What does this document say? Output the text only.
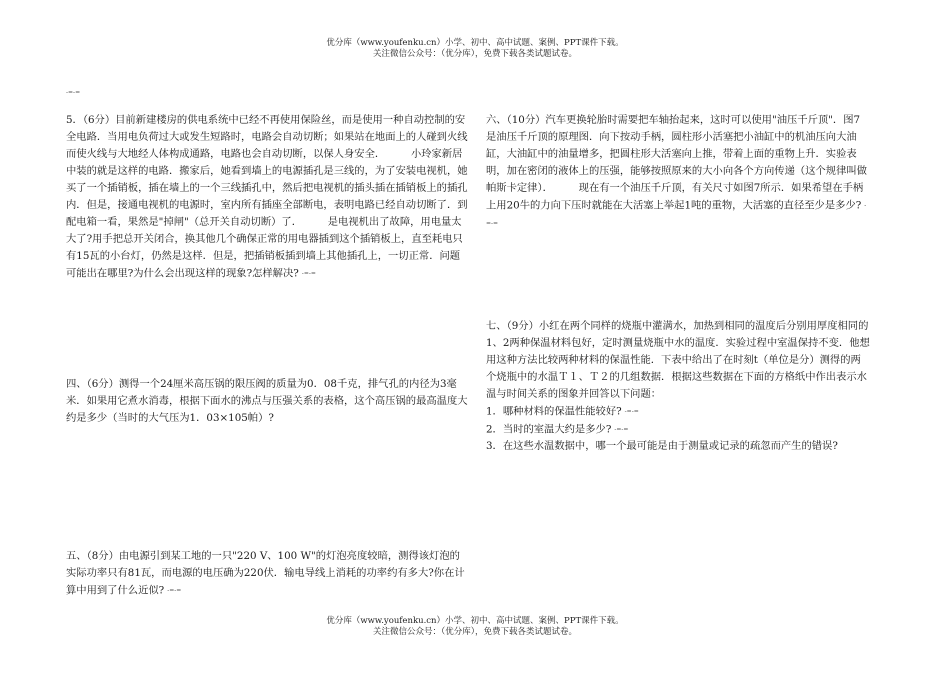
优分库（www.youfenku.cn）小学、初中、高中试题、案例、PPT课件下载。
关注微信公众号：（优分库），免费下载各类试题试卷。
-=-=

5．（6分）目前新建楼房的供电系统中已经不再使用保险丝，而是使用一种自动控制的安全电路．当用电负荷过大或发生短路时，电路会自动切断；如果站在地面上的人碰到火线而使火线与大地经人体构成通路，电路也会自动切断，以保人身安全．　　　小玲家新居中装的就是这样的电路．搬家后，她看到墙上的电源插孔是三线的，为了安装电视机，她买了一个插销板，插在墙上的一个三线插孔中，然后把电视机的插头插在插销板上的插孔内．但是，接通电视机的电源时，室内所有插座全部断电，表明电路已经自动切断了．到配电箱一看，果然是"掉闸"（总开关自动切断）了．　　　是电视机出了故障，用电量太大了?用手把总开关闭合，换其他几个确保正常的用电器插到这个插销板上，直至耗电只有15瓦的小台灯，仍然是这样．但是，把插销板插到墙上其他插孔上，一切正常．问题可能出在哪里?为什么会出现这样的现象?怎样解决? -=-=

四、（6分）测得一个24厘米高压锅的限压阀的质量为0．08千克，排气孔的内径为3毫米．如果用它煮水消毒，根据下面水的沸点与压强关系的表格，这个高压锅的最高温度大约是多少（当时的大气压为1．03×105帕）?

五、（8分）由电源引到某工地的一只"220 V、100 W"的灯泡亮度较暗，测得该灯泡的实际功率只有81瓦，而电源的电压确为220伏．输电导线上消耗的功率约有多大?你在计算中用到了什么近似? -=-=

六、（10分）汽车更换轮胎时需要把车轴抬起来，这时可以使用"油压千斤顶"．图7是油压千斤顶的原理图．向下按动手柄，圆柱形小活塞把小油缸中的机油压向大油缸，大油缸中的油量增多，把圆柱形大活塞向上推，带着上面的重物上升．实验表明，加在密闭的液体上的压强，能够按照原来的大小向各个方向传递（这个规律叫做帕斯卡定律）．　　　现在有一个油压千斤顶，有关尺寸如图7所示．如果希望在手柄上用20牛的力向下压时就能在大活塞上举起1吨的重物，大活塞的直径至少是多少? -=-=

七、（9分）小红在两个同样的烧瓶中灌满水，加热到相同的温度后分别用厚度相同的1、2两种保温材料包好，定时测量烧瓶中水的温度．实验过程中室温保持不变．他想用这种方法比较两种材料的保温性能．下表中给出了在时刻t（单位是分）测得的两个烧瓶中的水温Ｔ１、Ｔ２的几组数据．根据这些数据在下面的方格纸中作出表示水温与时间关系的图象并回答以下问题：

1．哪种材料的保温性能较好? -=-=

2．当时的室温大约是多少? -=-=

3．在这些水温数据中，哪一个最可能是由于测量或记录的疏忽而产生的错误?

优分库（www.youfenku.cn）小学、初中、高中试题、案例、PPT课件下载。
关注微信公众号：（优分库），免费下载各类试题试卷。
